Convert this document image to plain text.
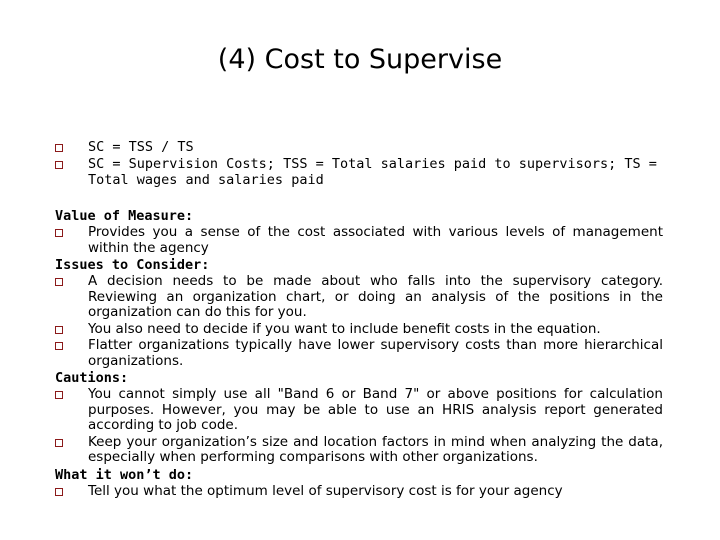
(4) Cost to Supervise
SC = TSS / TS
SC = Supervision Costs; TSS = Total salaries paid to supervisors; TS = Total wages and salaries paid
Value of Measure:
Provides you a sense of the cost associated with various levels of management within the agency
Issues to Consider:
A decision needs to be made about who falls into the supervisory category. Reviewing an organization chart, or doing an analysis of the positions in the organization can do this for you.
You also need to decide if you want to include benefit costs in the equation.
Flatter organizations typically have lower supervisory costs than more hierarchical organizations.
Cautions:
You cannot simply use all "Band 6 or Band 7" or above positions for calculation purposes. However, you may be able to use an HRIS analysis report generated according to job code.
Keep your organization’s size and location factors in mind when analyzing the data, especially when performing comparisons with other organizations.
What it won’t do:
Tell you what the optimum level of supervisory cost is for your agency
